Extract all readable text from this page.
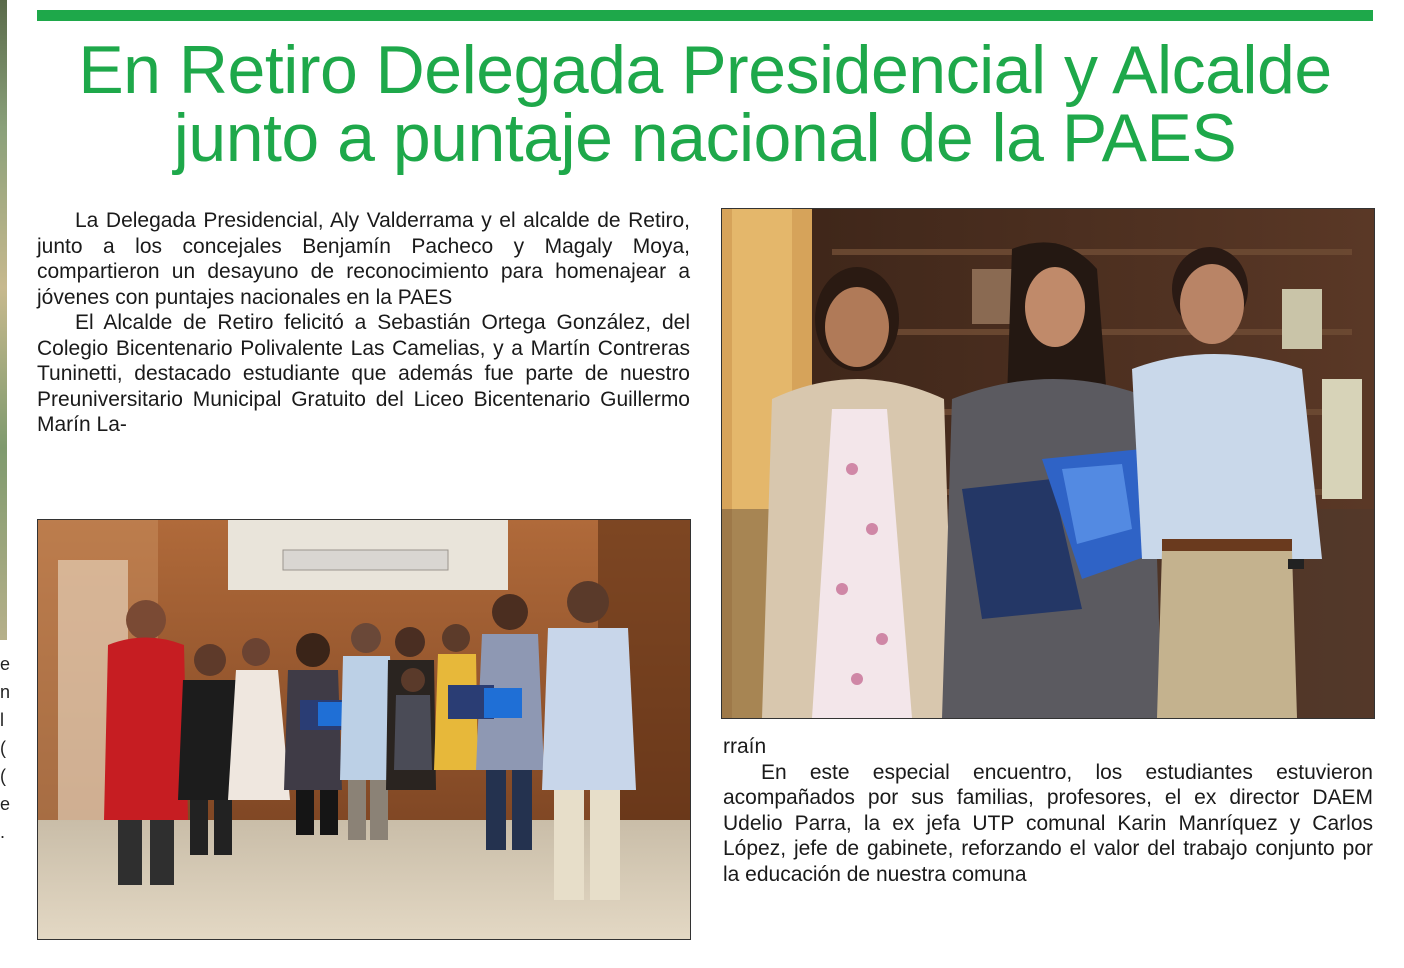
e n l ( ( e .
En Retiro Delegada Presidencial y Alcalde
junto a puntaje nacional de la PAES

La Delegada Presidencial, Aly Valderrama y el alcalde de Retiro, junto a los concejales Benjamín Pacheco y Magaly Moya, compartieron un desayuno de reconocimiento para homenajear a jóvenes con puntajes nacionales en la PAES

El Alcalde de Retiro felicitó a Sebastián Ortega González, del Colegio Bicentenario Polivalente Las Camelias, y a Martín Contreras Tuninetti, destacado estudiante que además fue parte de nuestro Preuniversitario Municipal Gratuito del Liceo Bicentenario Guillermo Marín La-

rraín

En este especial encuentro, los estudiantes estuvieron acompañados por sus familias, profesores, el ex director DAEM Udelio Parra, la ex jefa UTP comunal Karin Manríquez y Carlos López, jefe de gabinete, reforzando el valor del trabajo conjunto por la educación de nuestra comuna
